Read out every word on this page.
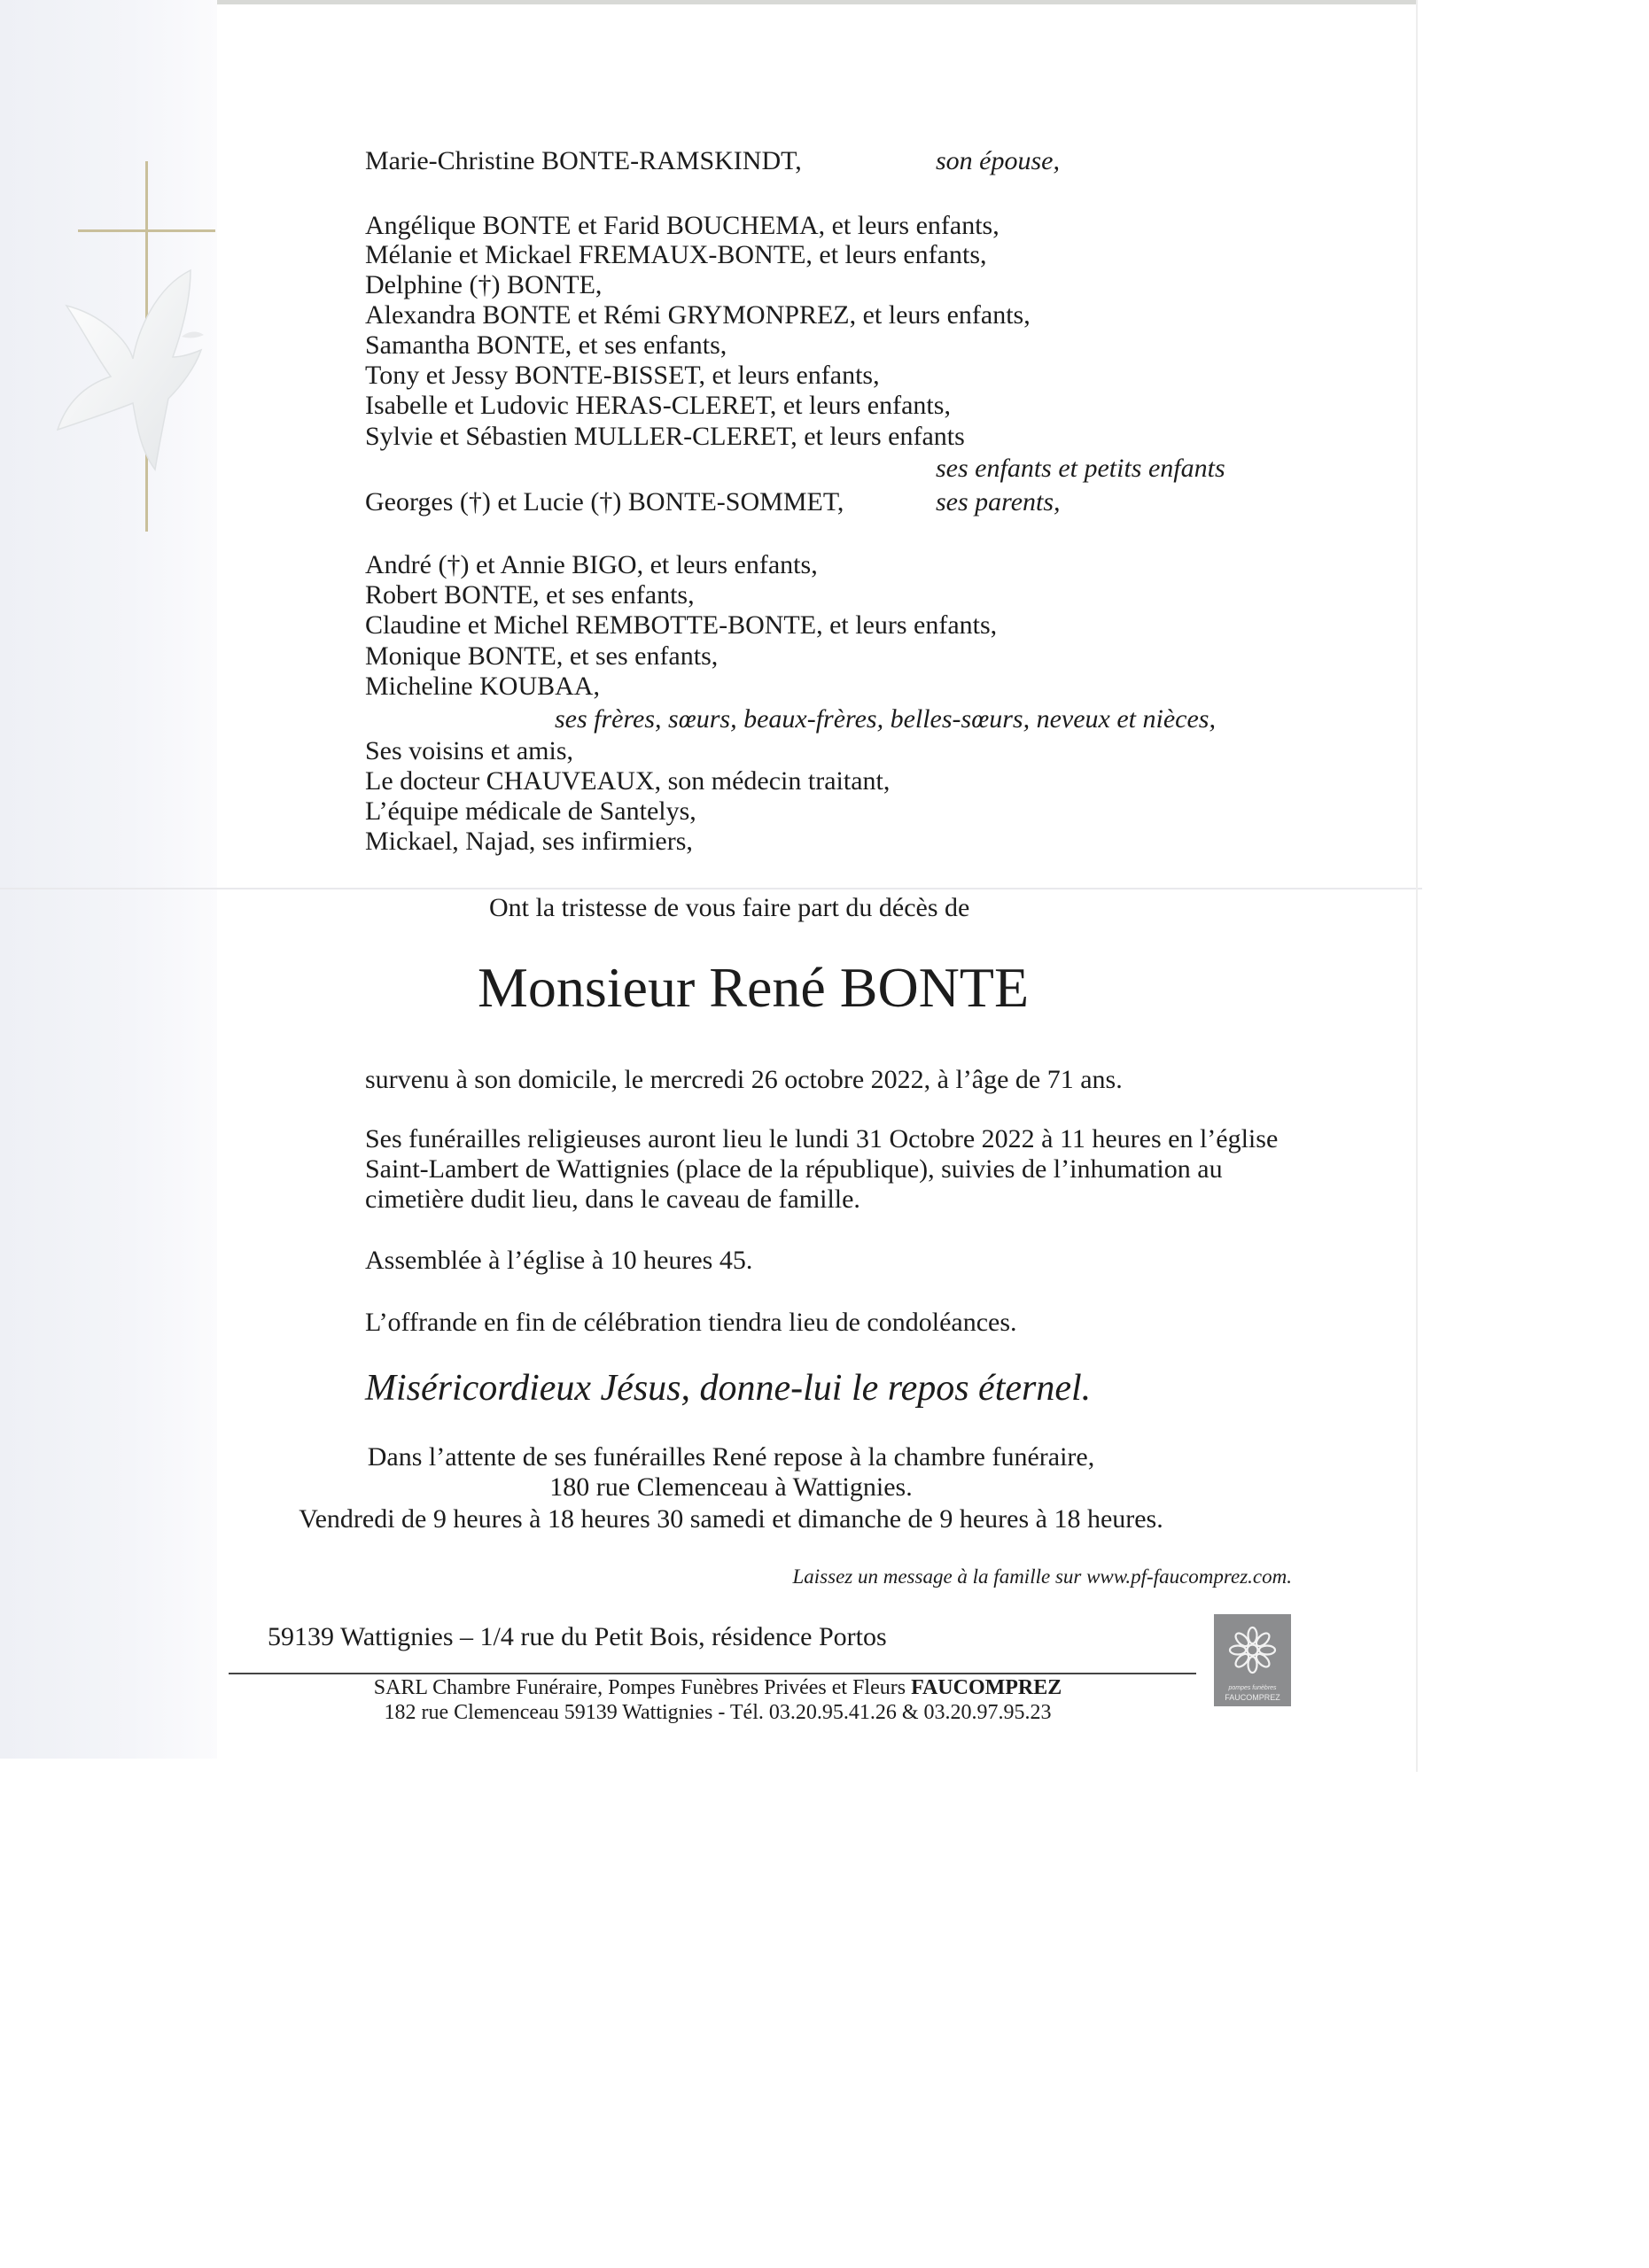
Marie-Christine BONTE-RAMSKINDT,	son épouse,
Angélique BONTE et Farid BOUCHEMA, et leurs enfants,
Mélanie et Mickael FREMAUX-BONTE, et leurs enfants,
Delphine (†) BONTE,
Alexandra BONTE et Rémi GRYMONPREZ, et leurs enfants,
Samantha BONTE, et ses enfants,
Tony et Jessy BONTE-BISSET, et leurs enfants,
Isabelle et Ludovic HERAS-CLERET, et leurs enfants,
Sylvie et Sébastien MULLER-CLERET, et leurs enfants
ses enfants et petits enfants
Georges (†) et Lucie (†) BONTE-SOMMET,	ses parents,
André (†) et Annie BIGO, et leurs enfants,
Robert BONTE, et ses enfants,
Claudine et Michel REMBOTTE-BONTE, et leurs enfants,
Monique BONTE, et ses enfants,
Micheline KOUBAA,
ses frères, sœurs, beaux-frères, belles-sœurs, neveux et nièces,
Ses voisins et amis,
Le docteur CHAUVEAUX, son médecin traitant,
L’équipe médicale de Santelys,
Mickael, Najad, ses infirmiers,
Ont la tristesse de vous faire part du décès de
Monsieur René BONTE
survenu à son domicile, le mercredi 26 octobre 2022, à l’âge de 71 ans.
Ses funérailles religieuses auront lieu le lundi 31 Octobre 2022 à 11 heures en l’église
Saint-Lambert de Wattignies (place de la république), suivies de l’inhumation au
cimetière dudit lieu, dans le caveau de famille.
Assemblée à l’église à 10 heures 45.
L’offrande en fin de célébration tiendra lieu de condoléances.
Miséricordieux Jésus, donne-lui le repos éternel.
Dans l’attente de ses funérailles René repose à la chambre funéraire,
180 rue Clemenceau à Wattignies.
Vendredi de 9 heures à 18 heures 30 samedi et dimanche de 9 heures à 18 heures.
Laissez un message à la famille sur www.pf-faucomprez.com.
59139 Wattignies – 1/4 rue du Petit Bois, résidence Portos
SARL Chambre Funéraire, Pompes Funèbres Privées et Fleurs FAUCOMPREZ
182 rue Clemenceau 59139 Wattignies - Tél. 03.20.95.41.26 & 03.20.97.95.23
pompes funèbres
FAUCOMPREZ
